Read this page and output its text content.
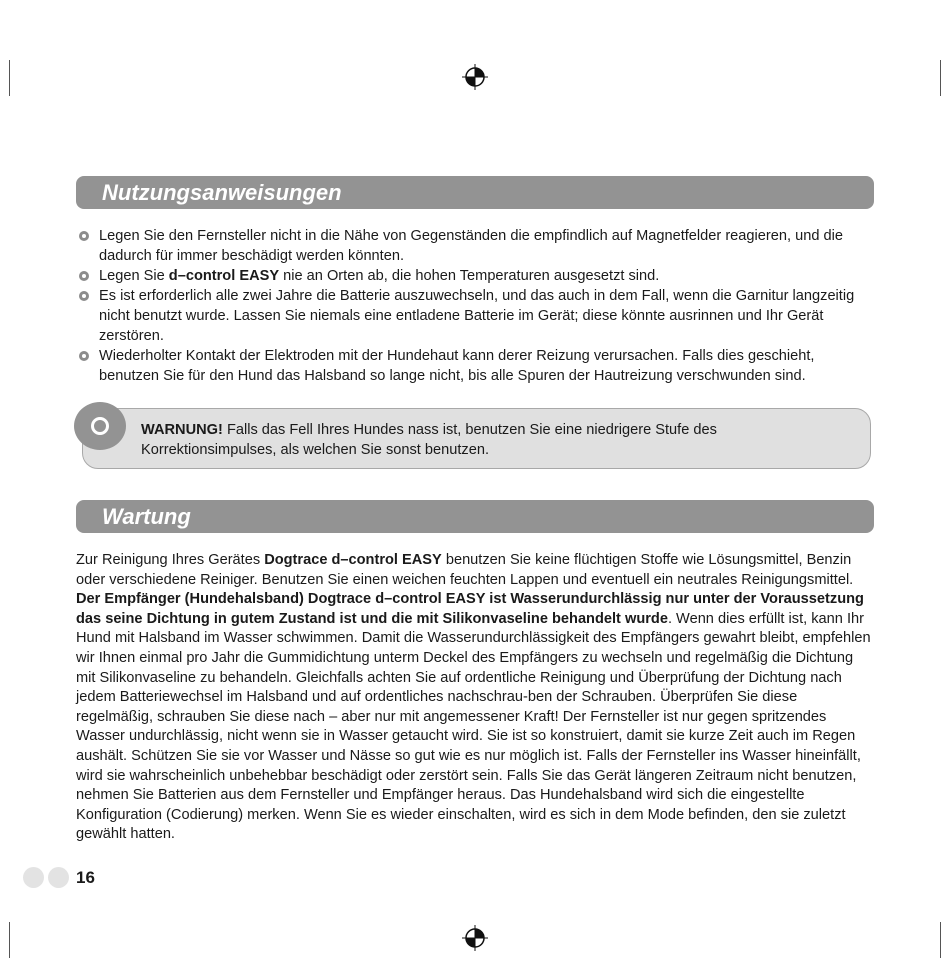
Nutzungsanweisungen
Legen Sie den Fernsteller nicht in die Nähe von Gegenständen die empfindlich auf Magnetfelder reagieren, und die dadurch für immer beschädigt werden könnten.
Legen Sie d–control EASY nie an Orten ab, die hohen Temperaturen ausgesetzt sind.
Es ist erforderlich alle zwei Jahre die Batterie auszuwechseln, und das auch in dem Fall, wenn die Garnitur langzeitig nicht benutzt wurde. Lassen Sie niemals eine entladene Batterie im Gerät; diese könnte ausrinnen und Ihr Gerät zerstören.
Wiederholter Kontakt der Elektroden mit der Hundehaut kann derer Reizung verursachen. Falls dies geschieht, benutzen Sie für den Hund das Halsband so lange nicht, bis alle Spuren der Hautreizung verschwunden sind.
WARNUNG! Falls das Fell Ihres Hundes nass ist, benutzen Sie eine niedrigere Stufe des Korrektionsimpulses, als welchen Sie sonst benutzen.
Wartung

Zur Reinigung Ihres Gerätes Dogtrace d–control EASY benutzen Sie keine flüchtigen Stoffe wie Lösungsmittel, Benzin oder verschiedene Reiniger. Benutzen Sie einen weichen feuchten Lappen und eventuell ein neutrales Reinigungsmittel. Der Empfänger (Hundehalsband) Dogtrace d–control EASY ist Wasserundurchlässig nur unter der Voraussetzung das seine Dichtung in gutem Zustand ist und die mit Silikonvaseline behandelt wurde. Wenn dies erfüllt ist, kann Ihr Hund mit Halsband im Wasser schwimmen. Damit die Wasserundurchlässigkeit des Empfängers gewahrt bleibt, empfehlen wir Ihnen einmal pro Jahr die Gummidichtung unterm Deckel des Empfängers zu wechseln und regelmäßig die Dichtung mit Silikonvaseline zu behandeln. Gleichfalls achten Sie auf ordentliche Reinigung und Überprüfung der Dichtung nach jedem Batteriewechsel im Halsband und auf ordentliches nachschrau-ben der Schrauben. Überprüfen Sie diese regelmäßig, schrauben Sie diese nach – aber nur mit angemessener Kraft! Der Fernsteller ist nur gegen spritzendes Wasser undurchlässig, nicht wenn sie in Wasser getaucht wird. Sie ist so konstruiert, damit sie kurze Zeit auch im Regen aushält. Schützen Sie sie vor Wasser und Nässe so gut wie es nur möglich ist. Falls der Fernsteller ins Wasser hineinfällt, wird sie wahrscheinlich unbehebbar beschädigt oder zerstört sein. Falls Sie das Gerät längeren Zeitraum nicht benutzen, nehmen Sie Batterien aus dem Fernsteller und Empfänger heraus. Das Hundehalsband wird sich die eingestellte Konfiguration (Codierung) merken. Wenn Sie es wieder einschalten, wird es sich in dem Mode befinden, den sie zuletzt gewählt hatten.

16
